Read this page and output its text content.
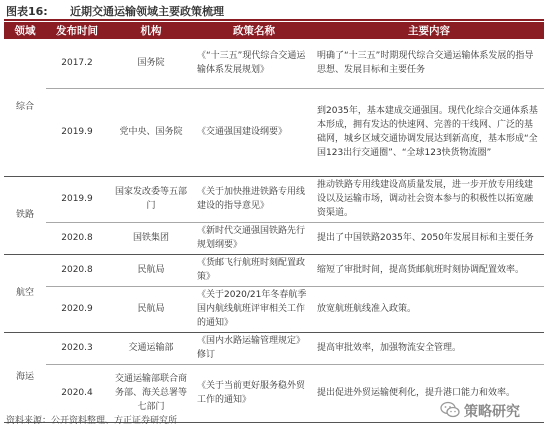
图表16: 近期交通运输领域主要政策梳理
领域	发布时间	机构	政策名称	主要内容
综合	2017.2	国务院	《“十三五”现代综合交通运输体系发展规划》	明确了“十三五”时期现代综合交通运输体系发展的指导思想、发展目标和主要任务
	2019.9	党中央、国务院	《交通强国建设纲要》	到2035年，基本建成交通强国。现代化综合交通体系基本形成，拥有发达的快速网、完善的干线网、广泛的基础网，城乡区域交通协调发展达到新高度，基本形成“全国123出行交通圈”、“全球123快货物流圈”
铁路	2019.9	国家发改委等五部门	《关于加快推进铁路专用线建设的指导意见》	推动铁路专用线建设高质量发展，进一步开放专用线建设以及运输市场，调动社会资本参与的积极性以拓宽融资渠道。
	2020.8	国铁集团	《新时代交通强国铁路先行规划纲要》	提出了中国铁路2035年、2050年发展目标和主要任务
航空	2020.8	民航局	《货邮飞行航班时刻配置政策》	缩短了审批时间，提高货邮航班时刻协调配置效率。
	2020.9	民航局	《关于2020/21年冬春航季国内航线航班评审相关工作的通知》	放宽航班航线准入政策。
海运	2020.3	交通运输部	《国内水路运输管理规定》修订	提高审批效率，加强物流安全管理。
	2020.4	交通运输部联合商务部、海关总署等七部门	《关于当前更好服务稳外贸工作的通知》	提出促进外贸运输便利化，提升港口能力和效率。
资料来源：公开资料整理、方正证券研究所
策略研究
